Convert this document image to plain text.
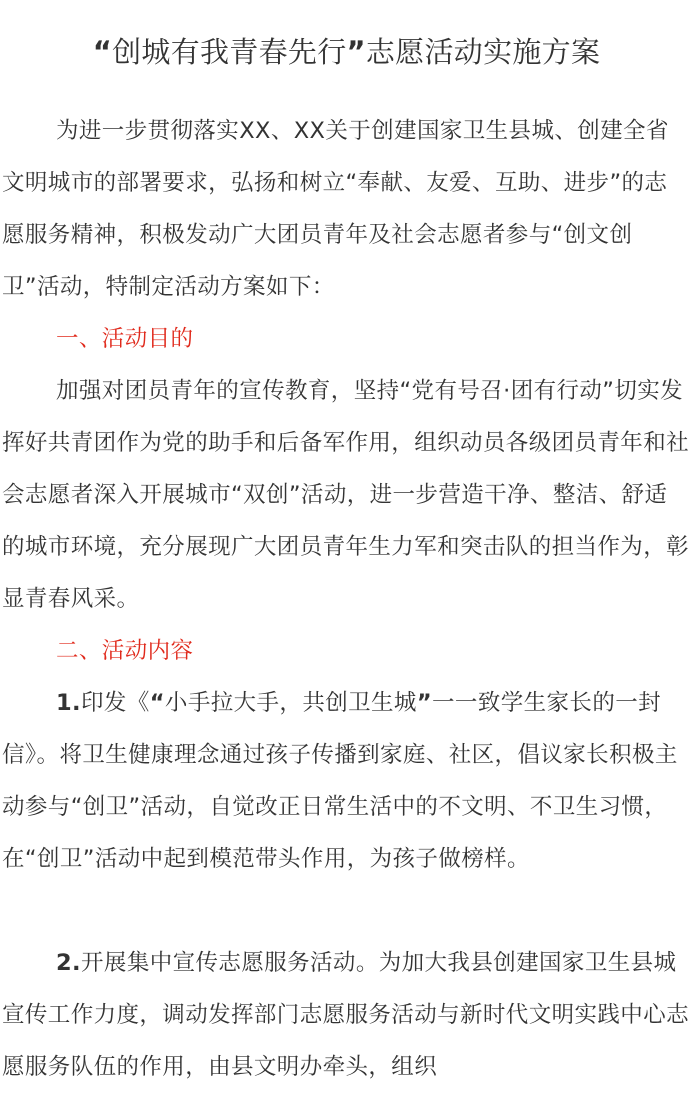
“创城有我青春先行”志愿活动实施方案

为进一步贯彻落实XX、XX关于创建国家卫生县城、创建全省文明城市的部署要求，弘扬和树立“奉献、友爱、互助、进步”的志愿服务精神，积极发动广大团员青年及社会志愿者参与“创文创卫”活动，特制定活动方案如下：

一、活动目的

加强对团员青年的宣传教育，坚持“党有号召·团有行动”切实发挥好共青团作为党的助手和后备军作用，组织动员各级团员青年和社会志愿者深入开展城市“双创”活动，进一步营造干净、整洁、舒适的城市环境，充分展现广大团员青年生力军和突击队的担当作为，彰显青春风采。

二、活动内容

1.印发《“小手拉大手，共创卫生城”一一致学生家长的一封信》。将卫生健康理念通过孩子传播到家庭、社区，倡议家长积极主动参与“创卫”活动，自觉改正日常生活中的不文明、不卫生习惯，在“创卫”活动中起到模范带头作用，为孩子做榜样。

2.开展集中宣传志愿服务活动。为加大我县创建国家卫生县城宣传工作力度，调动发挥部门志愿服务活动与新时代文明实践中心志愿服务队伍的作用，由县文明办牵头，组织
